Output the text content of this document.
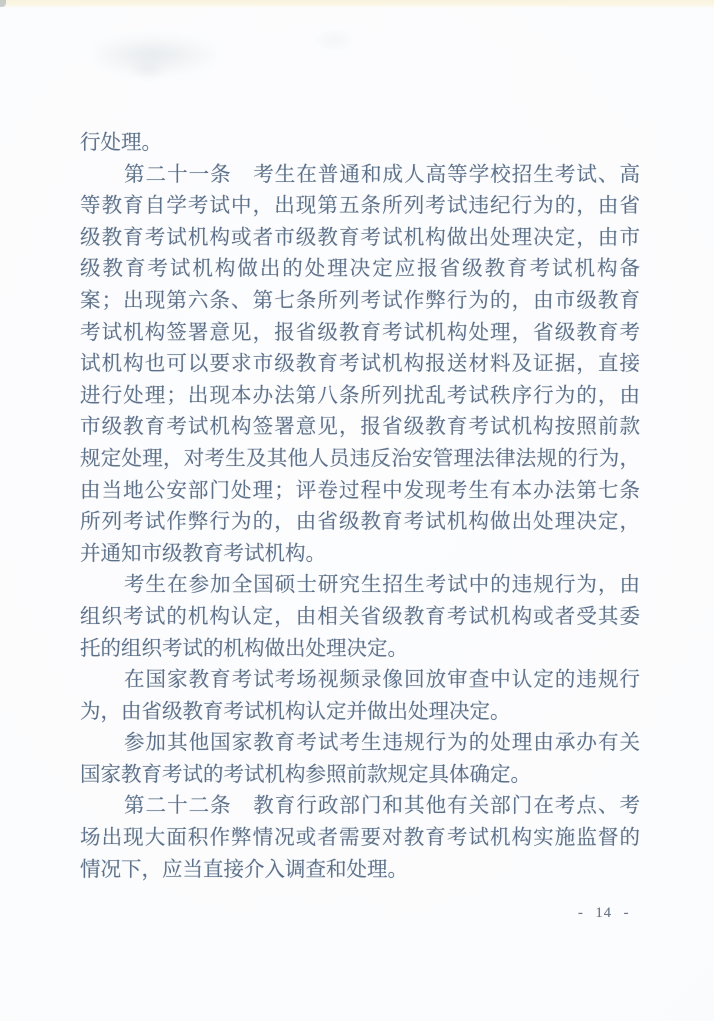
行处理。
第二十一条　考生在普通和成人高等学校招生考试、高
等教育自学考试中，出现第五条所列考试违纪行为的，由省
级教育考试机构或者市级教育考试机构做出处理决定，由市
级教育考试机构做出的处理决定应报省级教育考试机构备
案；出现第六条、第七条所列考试作弊行为的，由市级教育
考试机构签署意见，报省级教育考试机构处理，省级教育考
试机构也可以要求市级教育考试机构报送材料及证据，直接
进行处理；出现本办法第八条所列扰乱考试秩序行为的，由
市级教育考试机构签署意见，报省级教育考试机构按照前款
规定处理，对考生及其他人员违反治安管理法律法规的行为，
由当地公安部门处理；评卷过程中发现考生有本办法第七条
所列考试作弊行为的，由省级教育考试机构做出处理决定，
并通知市级教育考试机构。
考生在参加全国硕士研究生招生考试中的违规行为，由
组织考试的机构认定，由相关省级教育考试机构或者受其委
托的组织考试的机构做出处理决定。
在国家教育考试考场视频录像回放审查中认定的违规行
为，由省级教育考试机构认定并做出处理决定。
参加其他国家教育考试考生违规行为的处理由承办有关
国家教育考试的考试机构参照前款规定具体确定。
第二十二条　教育行政部门和其他有关部门在考点、考
场出现大面积作弊情况或者需要对教育考试机构实施监督的
情况下，应当直接介入调查和处理。
- 14 -
